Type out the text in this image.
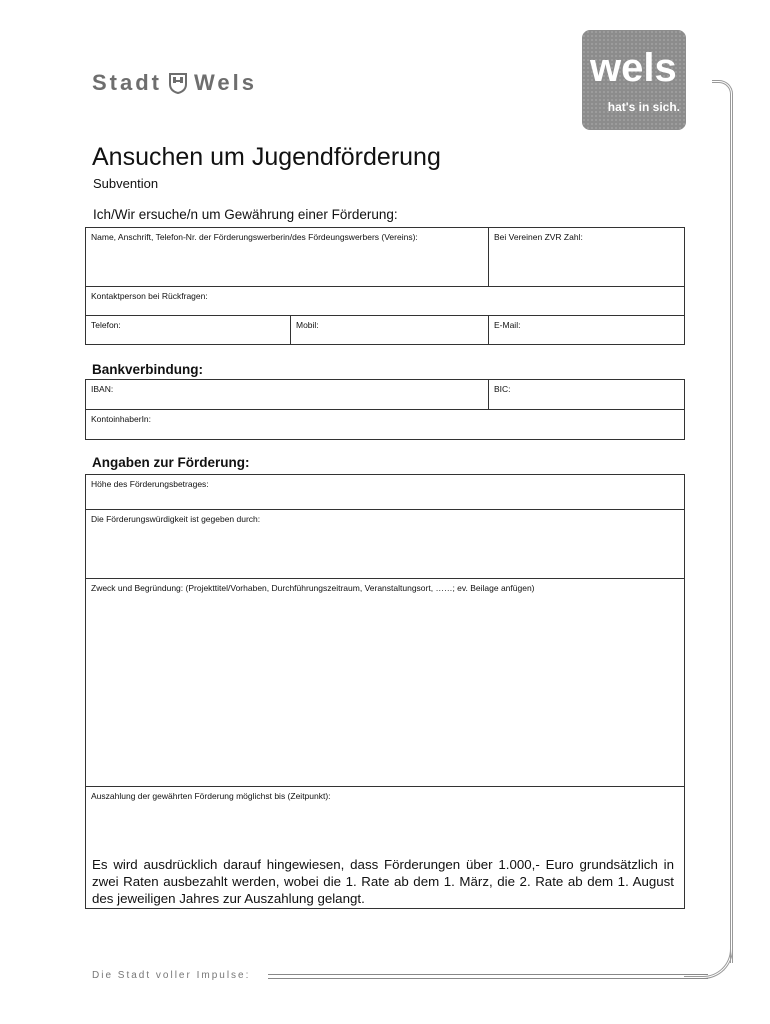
Stadt Wels	wels
hat's in sich.
Ansuchen um Jugendförderung
Subvention
Ich/Wir ersuche/n um Gewährung einer Förderung:
Name, Anschrift, Telefon-Nr. der Förderungswerberin/des Fördeungswerbers (Vereins):	Bei Vereinen ZVR Zahl:
Kontaktperson bei Rückfragen:
Telefon:	Mobil:	E-Mail:
Bankverbindung:
IBAN:	BIC:
KontoinhaberIn:
Angaben zur Förderung:
Höhe des Förderungsbetrages:
Die Förderungswürdigkeit ist gegeben durch:
Zweck und Begründung: (Projekttitel/Vorhaben, Durchführungszeitraum, Veranstaltungsort, ……; ev. Beilage anfügen)
Auszahlung der gewährten Förderung möglichst bis (Zeitpunkt):
Es wird ausdrücklich darauf hingewiesen, dass Förderungen über 1.000,- Euro grundsätzlich in zwei Raten ausbezahlt werden, wobei die 1. Rate ab dem 1. März, die 2. Rate ab dem 1. August des jeweiligen Jahres zur Auszahlung gelangt.
Die Stadt voller Impulse:
